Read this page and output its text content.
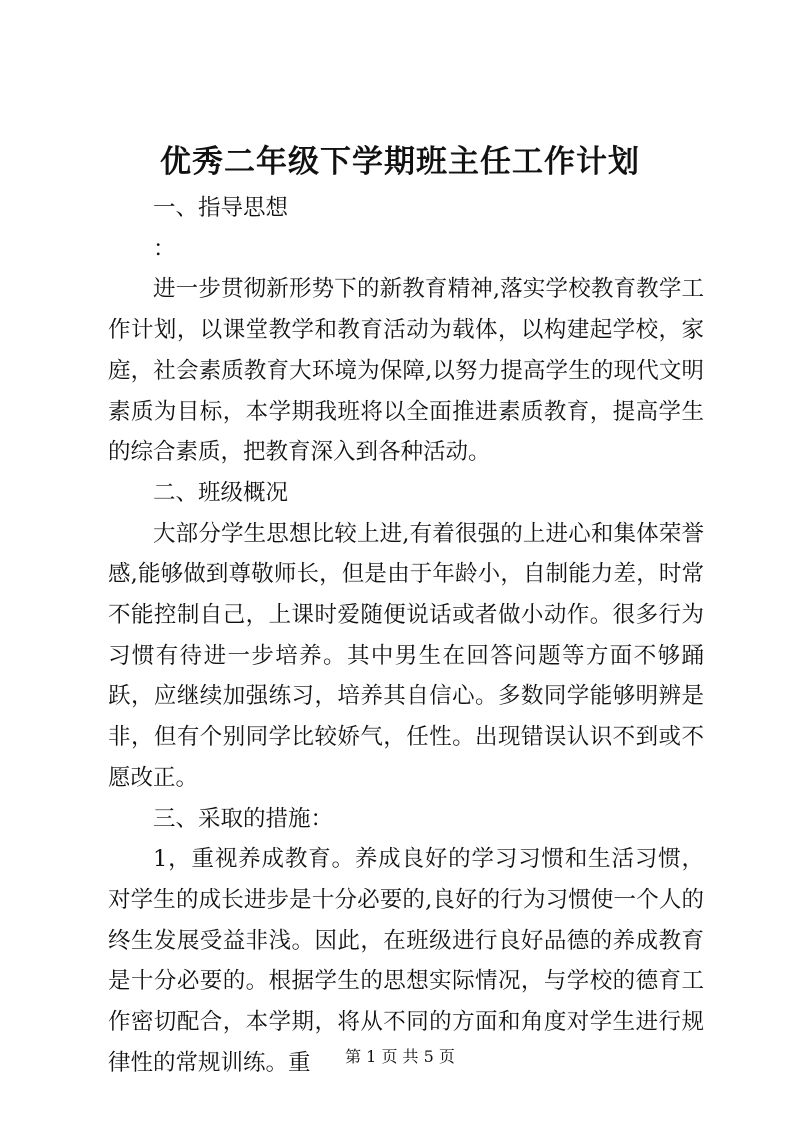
优秀二年级下学期班主任工作计划

一、指导思想

：

进一步贯彻新形势下的新教育精神,落实学校教育教学工作计划，以课堂教学和教育活动为载体，以构建起学校，家庭，社会素质教育大环境为保障,以努力提高学生的现代文明素质为目标，本学期我班将以全面推进素质教育，提高学生的综合素质，把教育深入到各种活动。

二、班级概况

大部分学生思想比较上进,有着很强的上进心和集体荣誉感,能够做到尊敬师长，但是由于年龄小，自制能力差，时常不能控制自己，上课时爱随便说话或者做小动作。很多行为习惯有待进一步培养。其中男生在回答问题等方面不够踊跃，应继续加强练习，培养其自信心。多数同学能够明辨是非，但有个别同学比较娇气，任性。出现错误认识不到或不愿改正。

三、采取的措施：

1，重视养成教育。养成良好的学习习惯和生活习惯，对学生的成长进步是十分必要的,良好的行为习惯使一个人的终生发展受益非浅。因此，在班级进行良好品德的养成教育是十分必要的。根据学生的思想实际情况，与学校的德育工作密切配合，本学期，将从不同的方面和角度对学生进行规律性的常规训练。重	第 1 页 共 5 页
